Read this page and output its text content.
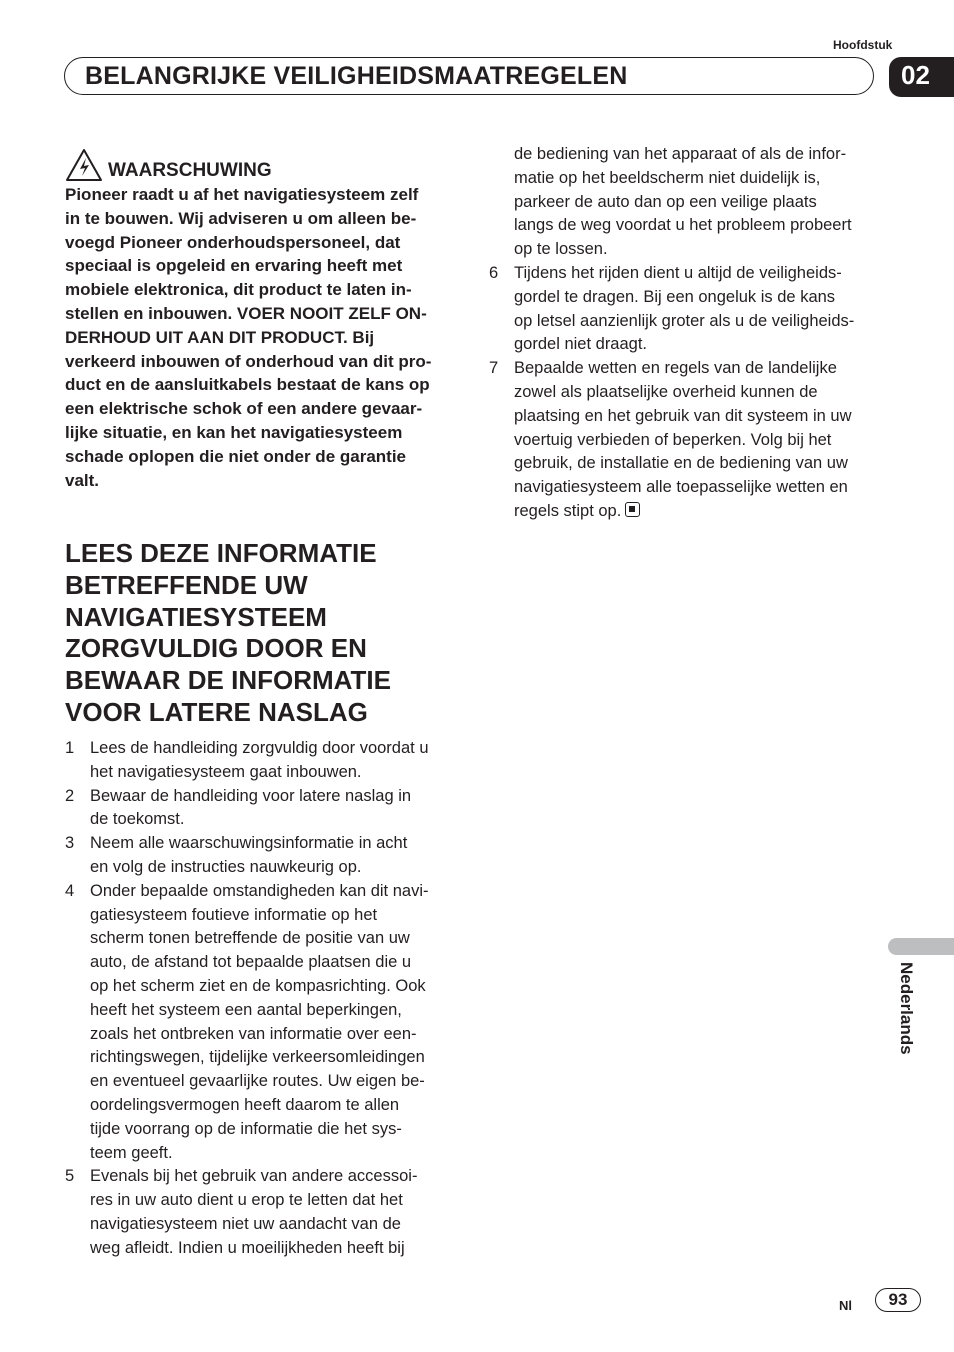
Hoofdstuk
BELANGRIJKE VEILIGHEIDSMAATREGELEN	02
WAARSCHUWING
Pioneer raadt u af het navigatiesysteem zelf
in te bouwen. Wij adviseren u om alleen be-
voegd Pioneer onderhoudspersoneel, dat
speciaal is opgeleid en ervaring heeft met
mobiele elektronica, dit product te laten in-
stellen en inbouwen. VOER NOOIT ZELF ON-
DERHOUD UIT AAN DIT PRODUCT. Bij
verkeerd inbouwen of onderhoud van dit pro-
duct en de aansluitkabels bestaat de kans op
een elektrische schok of een andere gevaar-
lijke situatie, en kan het navigatiesysteem
schade oplopen die niet onder de garantie
valt.
LEES DEZE INFORMATIE
BETREFFENDE UW
NAVIGATIESYSTEEM
ZORGVULDIG DOOR EN
BEWAAR DE INFORMATIE
VOOR LATERE NASLAG
1 Lees de handleiding zorgvuldig door voordat u
het navigatiesysteem gaat inbouwen.
2 Bewaar de handleiding voor latere naslag in
de toekomst.
3 Neem alle waarschuwingsinformatie in acht
en volg de instructies nauwkeurig op.
4 Onder bepaalde omstandigheden kan dit navi-
gatiesysteem foutieve informatie op het
scherm tonen betreffende de positie van uw
auto, de afstand tot bepaalde plaatsen die u
op het scherm ziet en de kompasrichting. Ook
heeft het systeem een aantal beperkingen,
zoals het ontbreken van informatie over een-
richtingswegen, tijdelijke verkeersomleidingen
en eventueel gevaarlijke routes. Uw eigen be-
oordelingsvermogen heeft daarom te allen
tijde voorrang op de informatie die het sys-
teem geeft.
5 Evenals bij het gebruik van andere accessoi-
res in uw auto dient u erop te letten dat het
navigatiesysteem niet uw aandacht van de
weg afleidt. Indien u moeilijkheden heeft bij
de bediening van het apparaat of als de infor-
matie op het beeldscherm niet duidelijk is,
parkeer de auto dan op een veilige plaats
langs de weg voordat u het probleem probeert
op te lossen.
6 Tijdens het rijden dient u altijd de veiligheids-
gordel te dragen. Bij een ongeluk is de kans
op letsel aanzienlijk groter als u de veiligheids-
gordel niet draagt.
7 Bepaalde wetten en regels van de landelijke
zowel als plaatselijke overheid kunnen de
plaatsing en het gebruik van dit systeem in uw
voertuig verbieden of beperken. Volg bij het
gebruik, de installatie en de bediening van uw
navigatiesysteem alle toepasselijke wetten en
regels stipt op.
Nederlands
Nl	93
